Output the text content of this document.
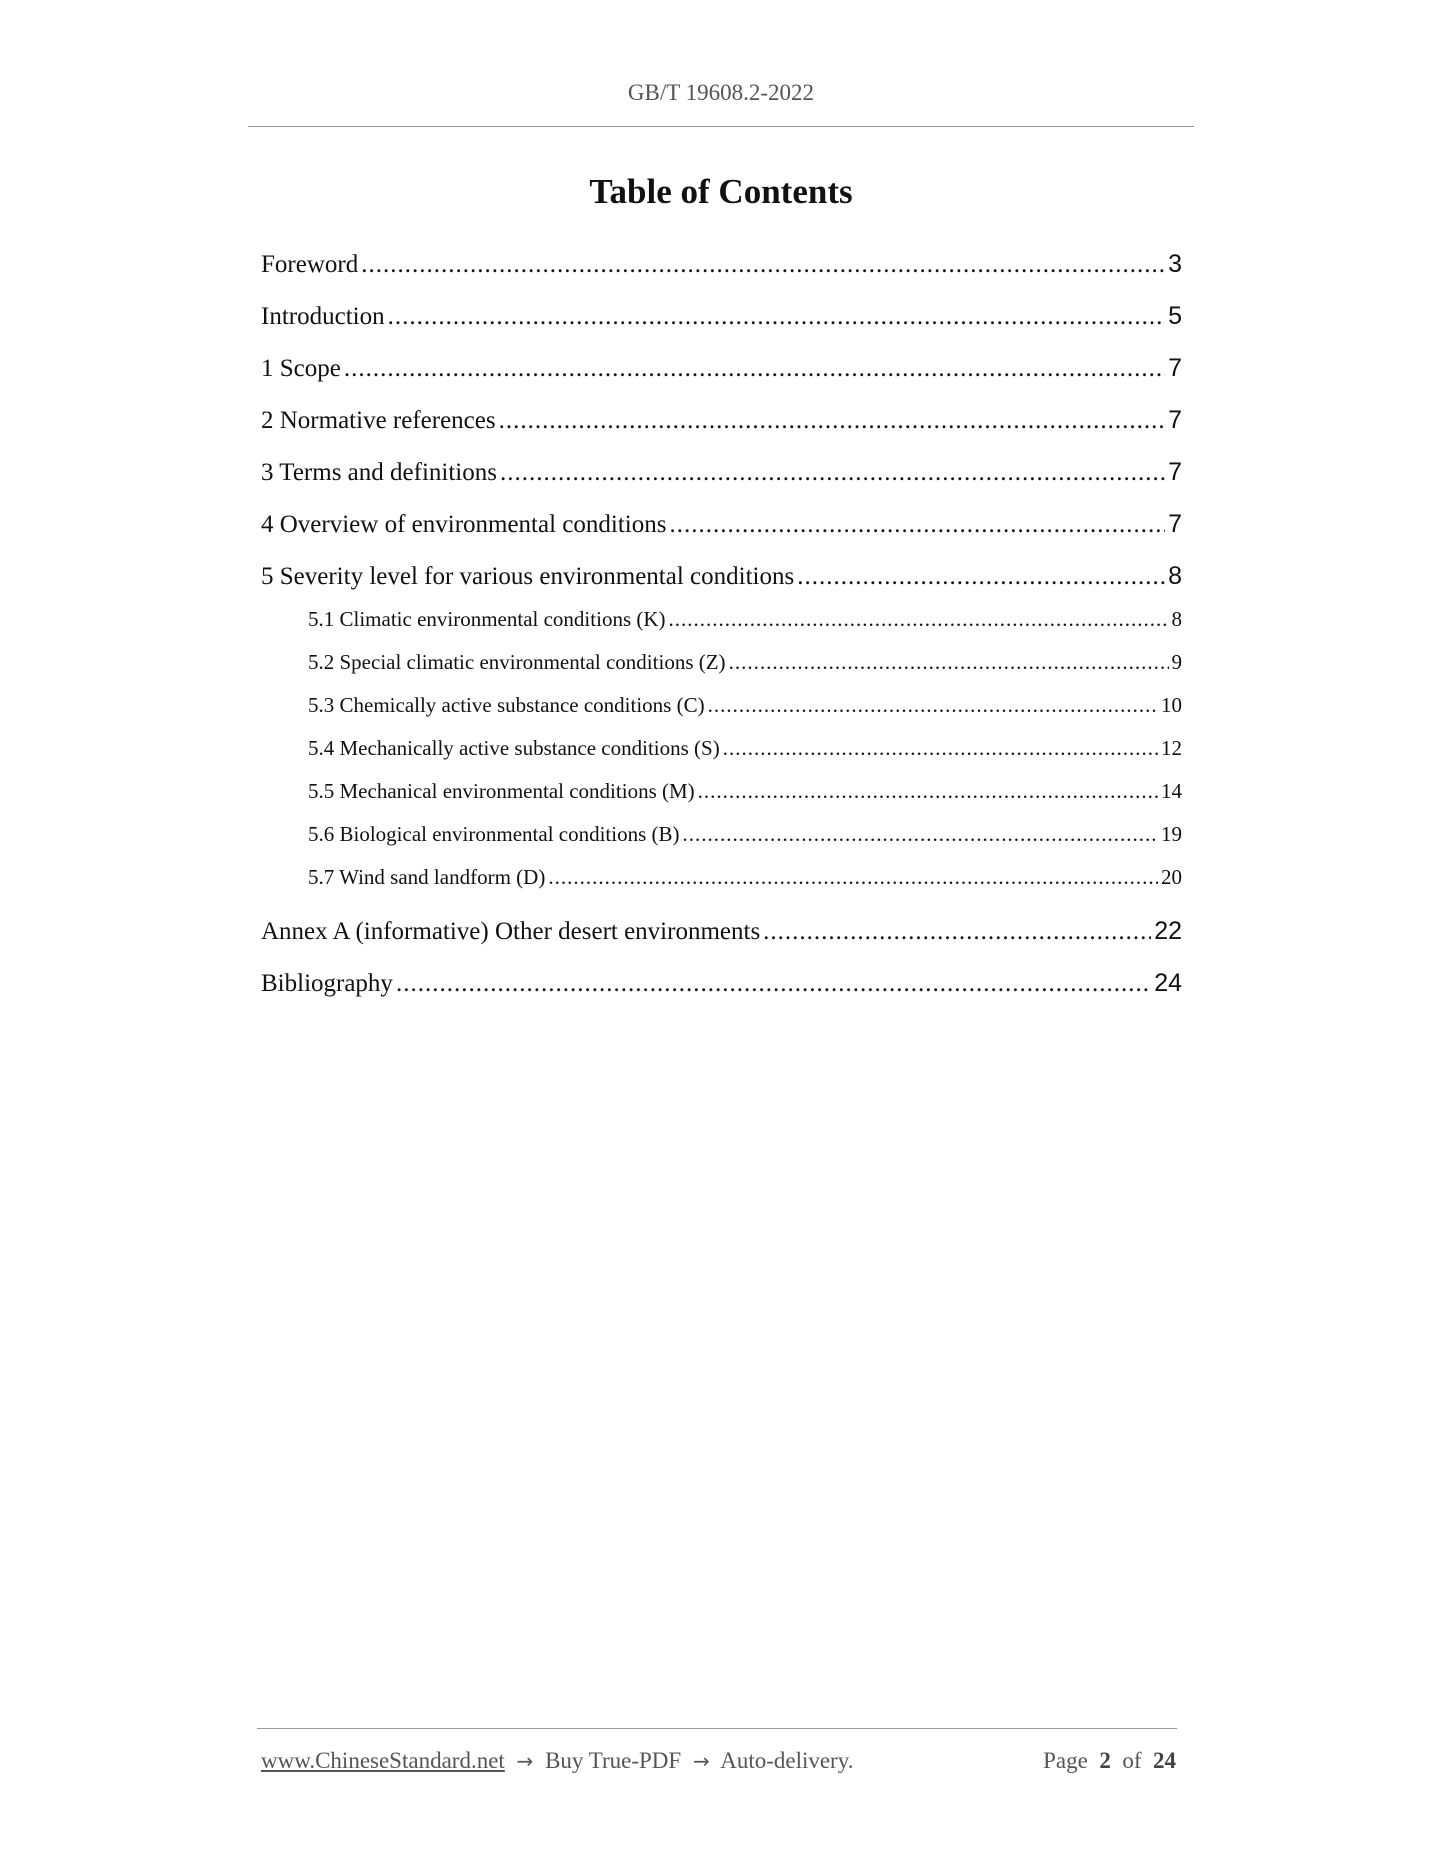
GB/T 19608.2-2022
Table of Contents
Foreword .....	3
Introduction .....	5
1 Scope .....	7
2 Normative references .....	7
3 Terms and definitions .....	7
4 Overview of environmental conditions .....	7
5 Severity level for various environmental conditions .....	8
5.1 Climatic environmental conditions (K) .....	8
5.2 Special climatic environmental conditions (Z) .....	9
5.3 Chemically active substance conditions (C) .....	10
5.4 Mechanically active substance conditions (S) .....	12
5.5 Mechanical environmental conditions (M) .....	14
5.6 Biological environmental conditions (B) .....	19
5.7 Wind sand landform (D) .....	20
Annex A (informative) Other desert environments .....	22
Bibliography .....	24
www.ChineseStandard.net → Buy True-PDF → Auto-delivery.	Page 2 of 24
